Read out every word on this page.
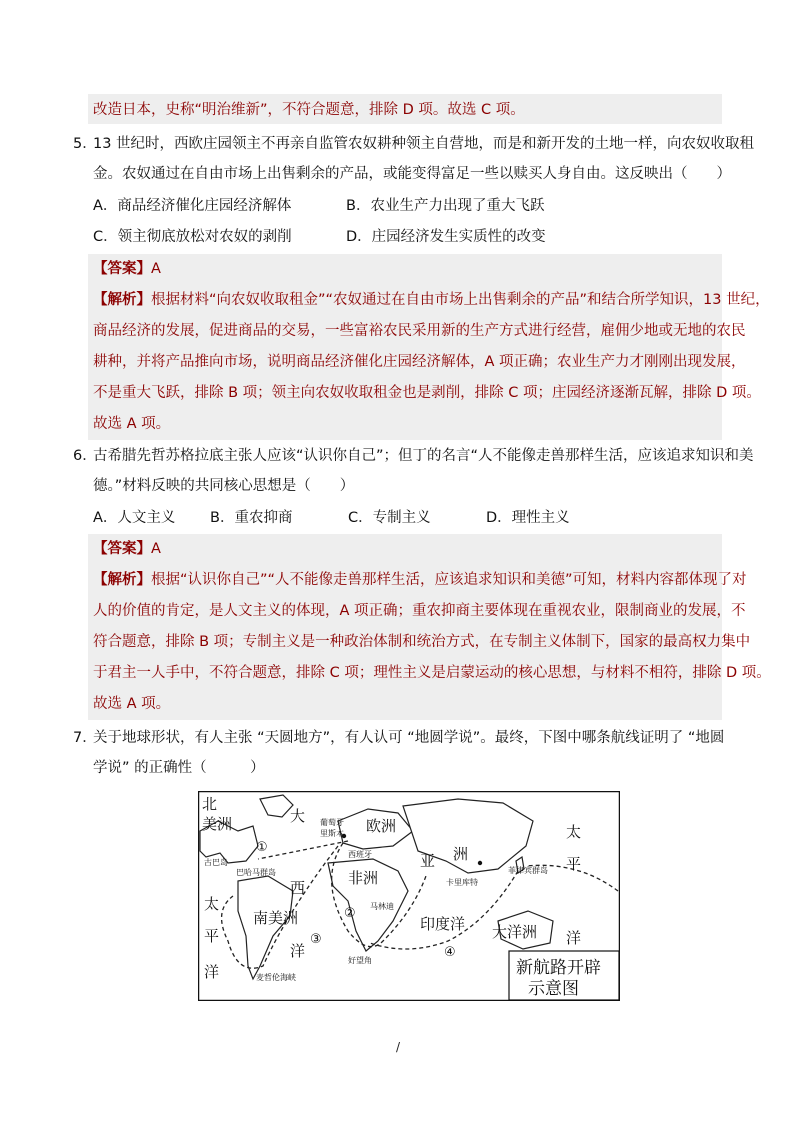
改造日本，史称“明治维新”，不符合题意，排除 D 项。故选 C 项。
5．
13 世纪时，西欧庄园领主不再亲自监管农奴耕种领主自营地，而是和新开发的土地一样，向农奴收取租
金。农奴通过在自由市场上出售剩余的产品，或能变得富足一些以赎买人身自由。这反映出（　　）
A．商品经济催化庄园经济解体	B．农业生产力出现了重大飞跃
C．领主彻底放松对农奴的剥削	D．庄园经济发生实质性的改变
【答案】A
【解析】根据材料“向农奴收取租金”“农奴通过在自由市场上出售剩余的产品”和结合所学知识，13 世纪，
商品经济的发展，促进商品的交易，一些富裕农民采用新的生产方式进行经营，雇佣少地或无地的农民
耕种，并将产品推向市场，说明商品经济催化庄园经济解体，A 项正确；农业生产力才刚刚出现发展，
不是重大飞跃，排除 B 项；领主向农奴收取租金也是剥削，排除 C 项；庄园经济逐渐瓦解，排除 D 项。
故选 A 项。
6．
古希腊先哲苏格拉底主张人应该“认识你自己”；但丁的名言“人不能像走兽那样生活，应该追求知识和美
德。”材料反映的共同核心思想是（　　）
A．人文主义 B．重农抑商	C．专制主义	D．理性主义
【答案】A
【解析】根据“认识你自己”“人不能像走兽那样生活，应该追求知识和美德”可知，材料内容都体现了对
人的价值的肯定，是人文主义的体现，A 项正确；重农抑商主要体现在重视农业，限制商业的发展，不
符合题意，排除 B 项；专制主义是一种政治体制和统治方式，在专制主义体制下，国家的最高权力集中
于君主一人手中，不符合题意，排除 C 项；理性主义是启蒙运动的核心思想，与材料不相符，排除 D 项。
故选 A 项。
7．
关于地球形状，有人主张 “天圆地方”，有人认可 “地圆学说”。最终，下图中哪条航线证明了 “地圆
学说” 的正确性（　　　）
北
美洲	大
西
洋
欧洲
亚 洲
非洲
南美洲	印度洋 大洋洲
太
平
洋
太
平
洋
葡萄牙
里斯本
西班牙
古巴岛
巴哈马群岛
卡里库特
菲律宾群岛
马林迪
好望角
麦哲伦海峡
①
②
③
④
新航路开辟
示意图
/
